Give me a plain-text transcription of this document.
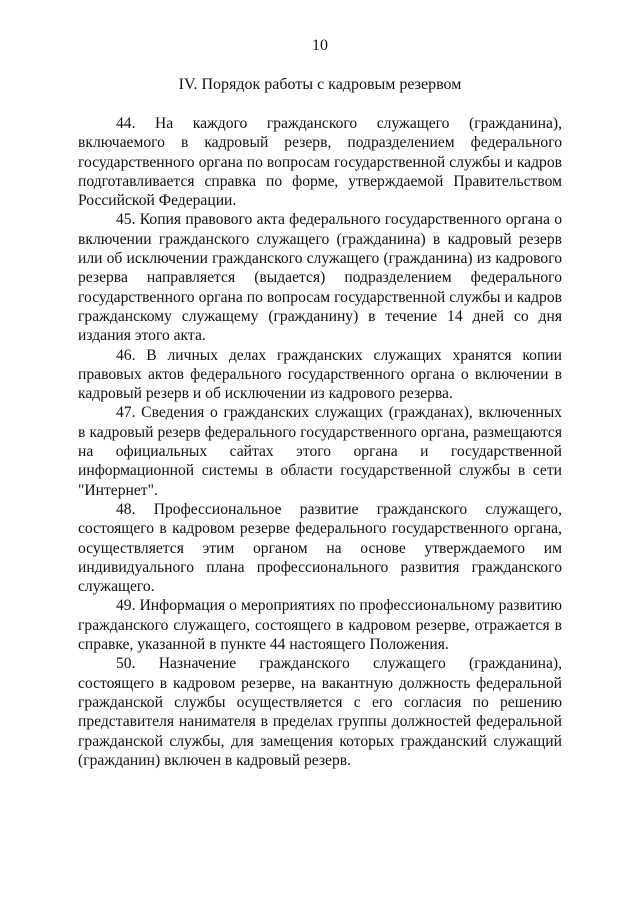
10
IV. Порядок работы с кадровым резервом

44. На каждого гражданского служащего (гражданина), включаемого в кадровый резерв, подразделением федерального государственного органа по вопросам государственной службы и кадров подготавливается справка по форме, утверждаемой Правительством Российской Федерации.

45. Копия правового акта федерального государственного органа о включении гражданского служащего (гражданина) в кадровый резерв или об исключении гражданского служащего (гражданина) из кадрового резерва направляется (выдается) подразделением федерального государственного органа по вопросам государственной службы и кадров гражданскому служащему (гражданину) в течение 14 дней со дня издания этого акта.

46. В личных делах гражданских служащих хранятся копии правовых актов федерального государственного органа о включении в кадровый резерв и об исключении из кадрового резерва.

47. Сведения о гражданских служащих (гражданах), включенных в кадровый резерв федерального государственного органа, размещаются на официальных сайтах этого органа и государственной информационной системы в области государственной службы в сети "Интернет".

48. Профессиональное развитие гражданского служащего, состоящего в кадровом резерве федерального государственного органа, осуществляется этим органом на основе утверждаемого им индивидуального плана профессионального развития гражданского служащего.

49. Информация о мероприятиях по профессиональному развитию гражданского служащего, состоящего в кадровом резерве, отражается в справке, указанной в пункте 44 настоящего Положения.

50. Назначение гражданского служащего (гражданина), состоящего в кадровом резерве, на вакантную должность федеральной гражданской службы осуществляется с его согласия по решению представителя нанимателя в пределах группы должностей федеральной гражданской службы, для замещения которых гражданский служащий (гражданин) включен в кадровый резерв.
